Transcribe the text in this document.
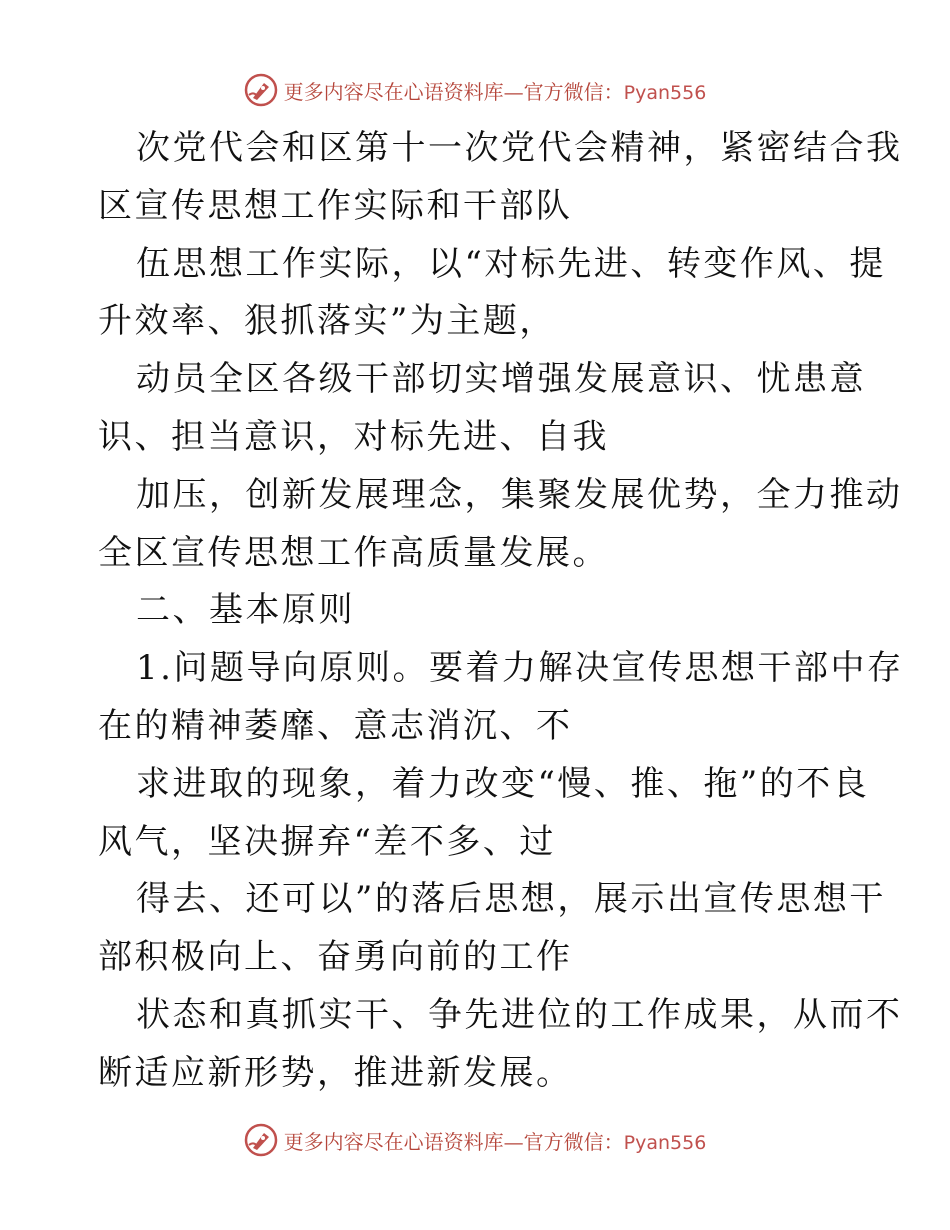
更多内容尽在心语资料库—官方微信：Pyan556
次党代会和区第十一次党代会精神，紧密结合我
区宣传思想工作实际和干部队
伍思想工作实际，以“对标先进、转变作风、提
升效率、狠抓落实”为主题，
动员全区各级干部切实增强发展意识、忧患意
识、担当意识，对标先进、自我
加压，创新发展理念，集聚发展优势，全力推动
全区宣传思想工作高质量发展。
二、基本原则
1.问题导向原则。要着力解决宣传思想干部中存
在的精神萎靡、意志消沉、不
求进取的现象，着力改变“慢、推、拖”的不良
风气，坚决摒弃“差不多、过
得去、还可以”的落后思想，展示出宣传思想干
部积极向上、奋勇向前的工作
状态和真抓实干、争先进位的工作成果，从而不
断适应新形势，推进新发展。
更多内容尽在心语资料库—官方微信：Pyan556
